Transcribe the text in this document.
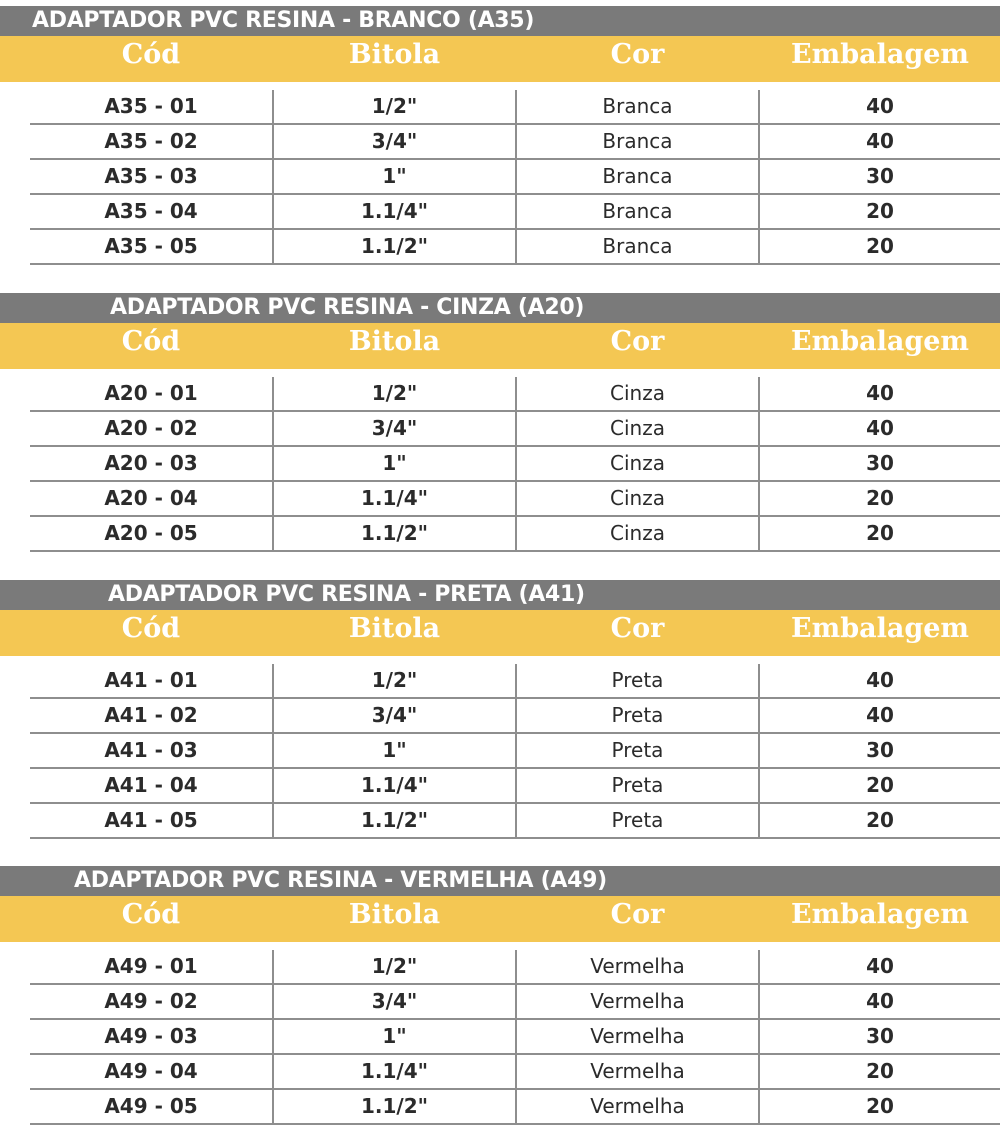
ADAPTADOR PVC RESINA - BRANCO (A35)
Cód	Bitola	Cor	Embalagem
A35 - 01	1/2"	Branca	40
A35 - 02	3/4"	Branca	40
A35 - 03	1"	Branca	30
A35 - 04	1.1/4"	Branca	20
A35 - 05	1.1/2"	Branca	20
ADAPTADOR PVC RESINA - CINZA (A20)
Cód	Bitola	Cor	Embalagem
A20 - 01	1/2"	Cinza	40
A20 - 02	3/4"	Cinza	40
A20 - 03	1"	Cinza	30
A20 - 04	1.1/4"	Cinza	20
A20 - 05	1.1/2"	Cinza	20
ADAPTADOR PVC RESINA - PRETA (A41)
Cód	Bitola	Cor	Embalagem
A41 - 01	1/2"	Preta	40
A41 - 02	3/4"	Preta	40
A41 - 03	1"	Preta	30
A41 - 04	1.1/4"	Preta	20
A41 - 05	1.1/2"	Preta	20
ADAPTADOR PVC RESINA - VERMELHA (A49)
Cód	Bitola	Cor	Embalagem
A49 - 01	1/2"	Vermelha	40
A49 - 02	3/4"	Vermelha	40
A49 - 03	1"	Vermelha	30
A49 - 04	1.1/4"	Vermelha	20
A49 - 05	1.1/2"	Vermelha	20
